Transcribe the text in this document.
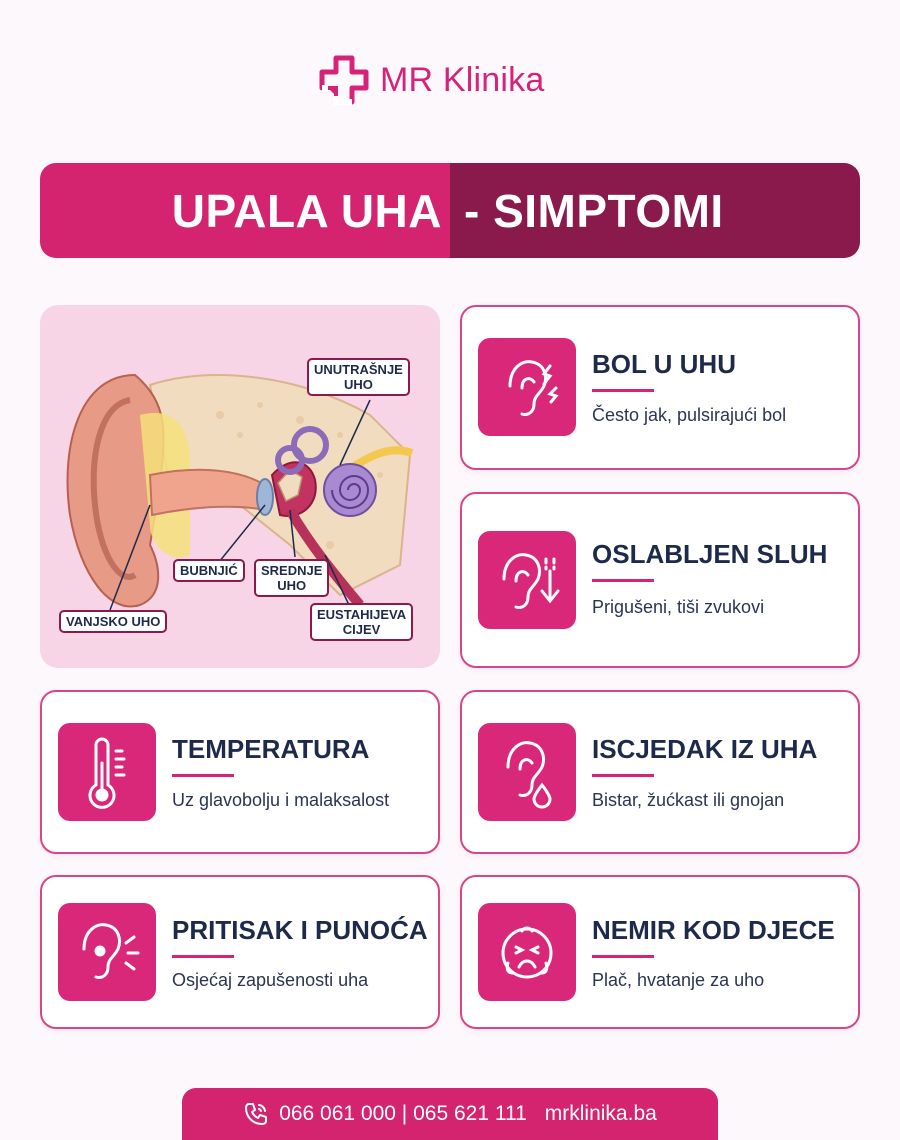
MR Klinika
UPALA UHA - SIMPTOMI
UNUTRAŠNJE
UHO
BUBNJIĆ	SREDNJE
UHO
VANJSKO UHO	EUSTAHIJEVA
CIJEV
BOL U UHU
Često jak, pulsirajući bol
OSLABLJEN SLUH
Prigušeni, tiši zvukovi
TEMPERATURA
Uz glavobolju i malaksalost
ISCJEDAK IZ UHA
Bistar, žućkast ili gnojan
PRITISAK I PUNOĆA
Osjećaj zapušenosti uha
NEMIR KOD DJECE
Plač, hvatanje za uho
066 061 000 | 065 621 111 mrklinika.ba
